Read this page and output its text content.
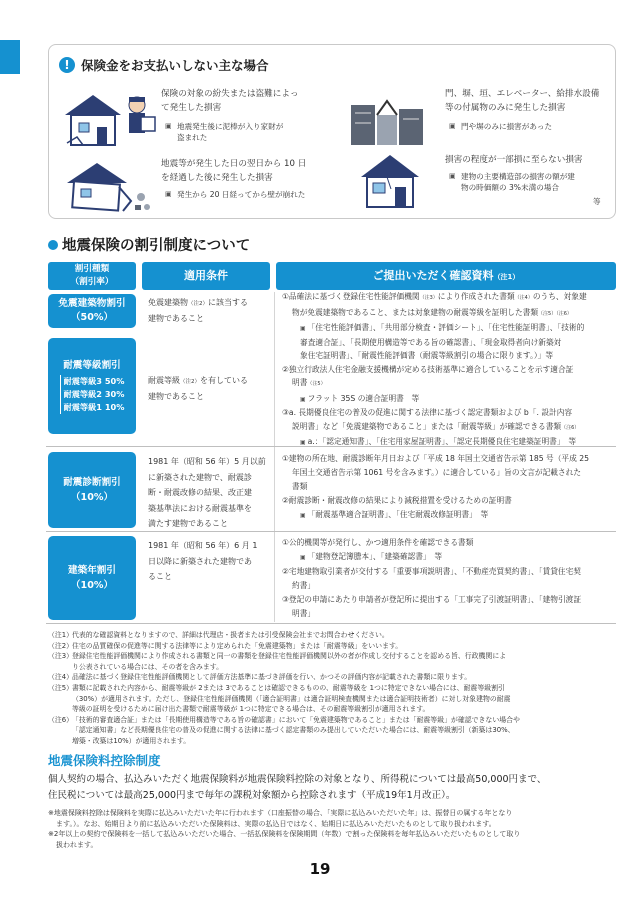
! 保険金をお支払いしない主な場合
保険の対象の紛失または盗難によっ
て発生した損害
▣ 地震発生後に泥棒が入り家財が
盗まれた
門、塀、垣、エレベーター、給排水設備
等の付属物のみに発生した損害
▣ 門や塀のみに損害があった
地震等が発生した日の翌日から 10 日
を経過した後に発生した損害
▣ 発生から 20 日経ってから壁が崩れた
損害の程度が一部損に至らない損害
▣ 建物の主要構造部の損害の額が建
物の時価額の 3%未満の場合
等
地震保険の割引制度について
割引種類
（割引率）	適用条件	ご提出いただく確認資料（注1）
免震建築物割引
（50%）
免震建築物（注2）に該当する
建物であること
耐震等級割引
耐震等級3 50%
耐震等級2 30%
耐震等級1 10%
耐震等級（注2）を有している
建物であること
①品確法に基づく登録住宅性能評価機関（注3）により作成された書類（注4）のうち、対象建
物が免震建築物であること、または対象建物の耐震等級を証明した書類（注5）（注6）
▣ 「住宅性能評価書」、「共用部分検査・評価シート」、「住宅性能証明書」、「技術的
審査適合証」、「長期使用構造等である旨の確認書」、「現金取得者向け新築対
象住宅証明書」、「耐震性能評価書（耐震等級割引の場合に限ります。）」等
②独立行政法人住宅金融支援機構が定める技術基準に適合していることを示す適合証
明書（注5）
▣ フラット 35S の適合証明書　等
③a. 長期優良住宅の普及の促進に関する法律に基づく認定書類および b「. 設計内容
説明書」など「免震建築物であること」または「耐震等級」が確認できる書類（注6）
▣ a.：「認定通知書」、「住宅用家屋証明書」、「認定長期優良住宅建築証明書」　等
耐震診断割引
（10%）
1981 年（昭和 56 年）5 月以前
に新築された建物で、耐震診
断・耐震改修の結果、改正建
築基準法における耐震基準を
満たす建物であること
①建物の所在地、耐震診断年月日および「平成 18 年国土交通省告示第 185 号（平成 25
年国土交通省告示第 1061 号を含みます。）に適合している」旨の文言が記載された
書類
②耐震診断・耐震改修の結果により減税措置を受けるための証明書
▣ 「耐震基準適合証明書」、「住宅耐震改修証明書」　等
建築年割引
（10%）
1981 年（昭和 56 年）6 月 1
日以降に新築された建物であ
ること
①公的機関等が発行し、かつ適用条件を確認できる書類
▣ 「建物登記簿謄本」、「建築確認書」　等
②宅地建物取引業者が交付する「重要事項説明書」、「不動産売買契約書」、「賃貸住宅契
約書」
③登記の申請にあたり申請者が登記所に提出する「工事完了引渡証明書」、「建物引渡証
明書」
（注1）
代表的な確認資料となりますので、詳細は代理店・扱者または引受保険会社までお問合わせください。
（注2）
住宅の品質確保の促進等に関する法律等により定められた「免震建築物」または「耐震等級」をいいます。
（注3）
登録住宅性能評価機関により作成される書類と同一の書類を登録住宅性能評価機関以外の者が作成し交付することを認める旨、行政機関によ
り公表されている場合には、その者を含みます。
（注4）
品確法に基づく登録住宅性能評価機関として評価方法基準に基づき評価を行い、かつその評価内容が記載された書類に限ります。
（注5）
書類に記載された内容から、耐震等級が 2または 3であることは確認できるものの、耐震等級を 1つに特定できない場合には、耐震等級割引
（30%）が適用されます。ただし、登録住宅性能評価機関（「適合証明書」は適合証明検査機関または適合証明技術者）に対し対象建物の耐震
等級の証明を受けるために届け出た書類で耐震等級が 1つに特定できる場合は、その耐震等級割引が適用されます。
（注6）
「技術的審査適合証」または「長期使用構造等である旨の確認書」において「免震建築物であること」または「耐震等級」が確認できない場合や
「認定通知書」など長期優良住宅の普及の促進に関する法律に基づく認定書類のみ提出していただいた場合には、耐震等級割引（新築は30%、
増築・改築は10%）が適用されます。
地震保険料控除制度
個人契約の場合、払込みいただく地震保険料が地震保険料控除の対象となり、所得税については最高50,000円まで、
住民税については最高25,000円まで毎年の課税対象額から控除されます（平成19年1月改正）。
※地震保険料控除は保険料を実際に払込みいただいた年に行われます（口座振替の場合、「実際に払込みいただいた年」は、振替日の属する年となり
ます。）。なお、始期日より前に払込みいただいた保険料は、実際の払込日ではなく、始期日に払込みいただいたものとして取り扱われます。
※2年以上の契約で保険料を一括して払込みいただいた場合、一括払保険料を保険期間（年数）で割った保険料を毎年払込みいただいたものとして取り
扱われます。
19
